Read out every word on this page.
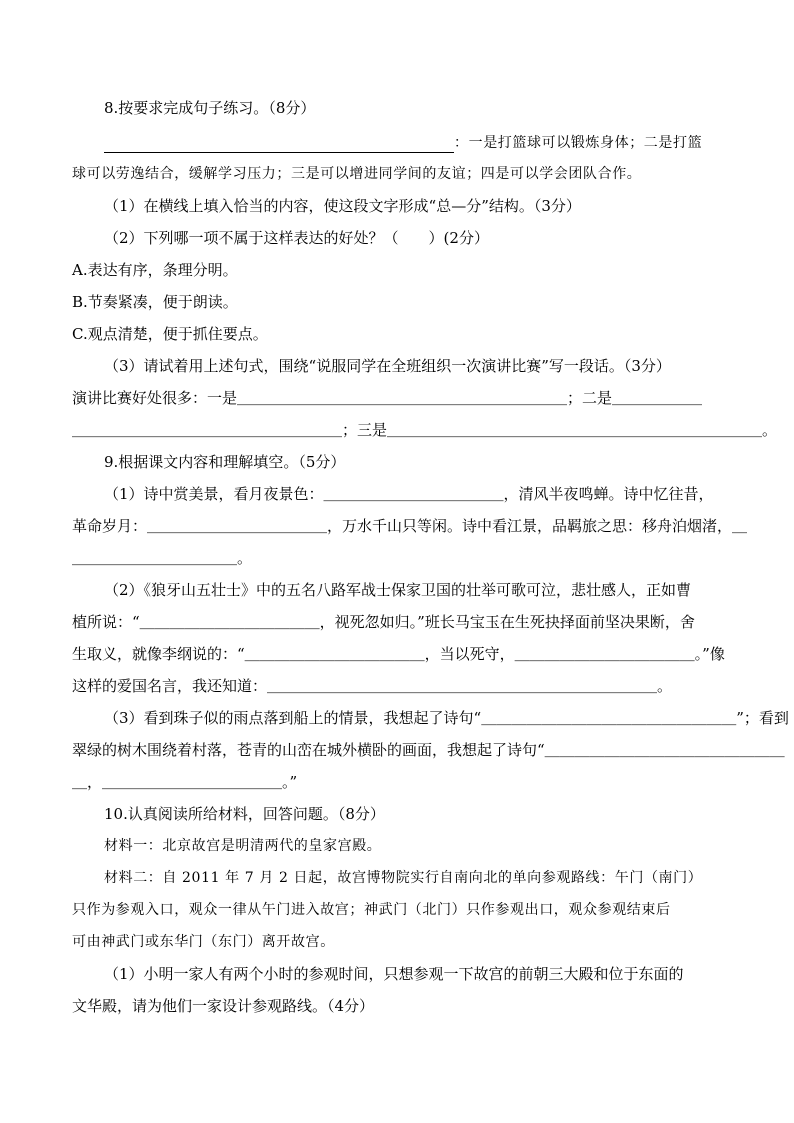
8.按要求完成句子练习。（8分）
：一是打篮球可以锻炼身体；二是打篮
球可以劳逸结合，缓解学习压力；三是可以增进同学间的友谊；四是可以学会团队合作。
（1）在横线上填入恰当的内容，使这段文字形成“总—分”结构。（3分）
（2）下列哪一项不属于这样表达的好处？（　　）(2分）
A.表达有序，条理分明。
B.节奏紧凑，便于朗读。
C.观点清楚，便于抓住要点。
（3）请试着用上述句式，围绕“说服同学在全班组织一次演讲比赛”写一段话。（3分）
演讲比赛好处很多：一是＿＿＿＿＿＿＿＿＿＿＿＿＿＿＿＿＿＿＿＿＿＿；二是＿＿＿＿＿＿
＿＿＿＿＿＿＿＿＿＿＿＿＿＿＿＿＿＿；三是＿＿＿＿＿＿＿＿＿＿＿＿＿＿＿＿＿＿＿＿＿＿＿＿＿。
9.根据课文内容和理解填空。（5分）
（1）诗中赏美景，看月夜景色：＿＿＿＿＿＿＿＿＿＿＿＿，清风半夜鸣蝉。诗中忆往昔，
革命岁月：＿＿＿＿＿＿＿＿＿＿＿＿，万水千山只等闲。诗中看江景，品羁旅之思：移舟泊烟渚，＿
＿＿＿＿＿＿＿＿＿＿＿。
（2）《狼牙山五壮士》中的五名八路军战士保家卫国的壮举可歌可泣，悲壮感人，正如曹
植所说：“＿＿＿＿＿＿＿＿＿＿＿＿，视死忽如归。”班长马宝玉在生死抉择面前坚决果断，舍
生取义，就像李纲说的：“＿＿＿＿＿＿＿＿＿＿＿＿，当以死守，＿＿＿＿＿＿＿＿＿＿＿＿。”像
这样的爱国名言，我还知道：＿＿＿＿＿＿＿＿＿＿＿＿＿＿＿＿＿＿＿＿＿＿＿＿＿＿。
（3）看到珠子似的雨点落到船上的情景，我想起了诗句“＿＿＿＿＿＿＿＿＿＿＿＿＿＿＿＿＿”；看到
翠绿的树木围绕着村落，苍青的山峦在城外横卧的画面，我想起了诗句“＿＿＿＿＿＿＿＿＿＿＿＿＿＿＿＿
＿，＿＿＿＿＿＿＿＿＿＿＿＿。”
10.认真阅读所给材料，回答问题。（8分）
材料一：北京故宫是明清两代的皇家宫殿。
材料二：自 2011 年 7 月 2 日起，故宫博物院实行自南向北的单向参观路线：午门（南门）
只作为参观入口，观众一律从午门进入故宫；神武门（北门）只作参观出口，观众参观结束后
可由神武门或东华门（东门）离开故宫。
（1）小明一家人有两个小时的参观时间，只想参观一下故宫的前朝三大殿和位于东面的
文华殿，请为他们一家设计参观路线。（4分）
